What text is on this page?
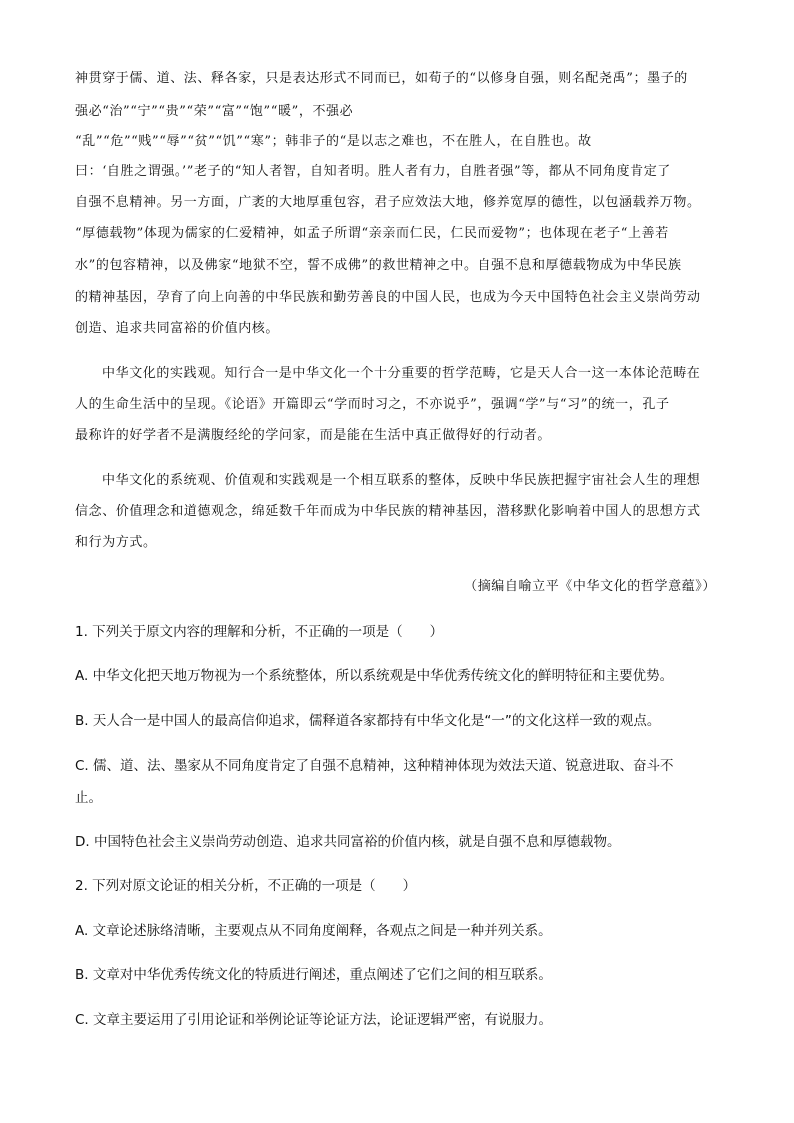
神贯穿于儒、道、法、释各家，只是表达形式不同而已，如荀子的“以修身自强，则名配尧禹”；墨子的
强必“治”“宁”“贵”“荣”“富”“饱”“暖”，不强必
“乱”“危”“贱”“辱”“贫”“饥”“寒”；韩非子的“是以志之难也，不在胜人，在自胜也。故
曰：‘自胜之谓强。’”老子的“知人者智，自知者明。胜人者有力，自胜者强”等，都从不同角度肯定了
自强不息精神。另一方面，广袤的大地厚重包容，君子应效法大地，修养宽厚的德性，以包涵载养万物。
“厚德载物”体现为儒家的仁爱精神，如孟子所谓“亲亲而仁民，仁民而爱物”；也体现在老子“上善若
水”的包容精神，以及佛家“地狱不空，誓不成佛”的救世精神之中。自强不息和厚德载物成为中华民族
的精神基因，孕育了向上向善的中华民族和勤劳善良的中国人民，也成为今天中国特色社会主义崇尚劳动
创造、追求共同富裕的价值内核。
中华文化的实践观。知行合一是中华文化一个十分重要的哲学范畴，它是天人合一这一本体论范畴在
人的生命生活中的呈现。《论语》开篇即云“学而时习之，不亦说乎”，强调“学”与“习”的统一，孔子
最称许的好学者不是满腹经纶的学问家，而是能在生活中真正做得好的行动者。
中华文化的系统观、价值观和实践观是一个相互联系的整体，反映中华民族把握宇宙社会人生的理想
信念、价值理念和道德观念，绵延数千年而成为中华民族的精神基因，潜移默化影响着中国人的思想方式
和行为方式。
（摘编自喻立平《中华文化的哲学意蕴》）
1. 下列关于原文内容的理解和分析，不正确的一项是（　　）
A. 中华文化把天地万物视为一个系统整体，所以系统观是中华优秀传统文化的鲜明特征和主要优势。
B. 天人合一是中国人的最高信仰追求，儒释道各家都持有中华文化是“一”的文化这样一致的观点。
C. 儒、道、法、墨家从不同角度肯定了自强不息精神，这种精神体现为效法天道、锐意进取、奋斗不
止。
D. 中国特色社会主义崇尚劳动创造、追求共同富裕的价值内核，就是自强不息和厚德载物。
2. 下列对原文论证的相关分析，不正确的一项是（　　）
A. 文章论述脉络清晰，主要观点从不同角度阐释，各观点之间是一种并列关系。
B. 文章对中华优秀传统文化的特质进行阐述，重点阐述了它们之间的相互联系。
C. 文章主要运用了引用论证和举例论证等论证方法，论证逻辑严密，有说服力。
